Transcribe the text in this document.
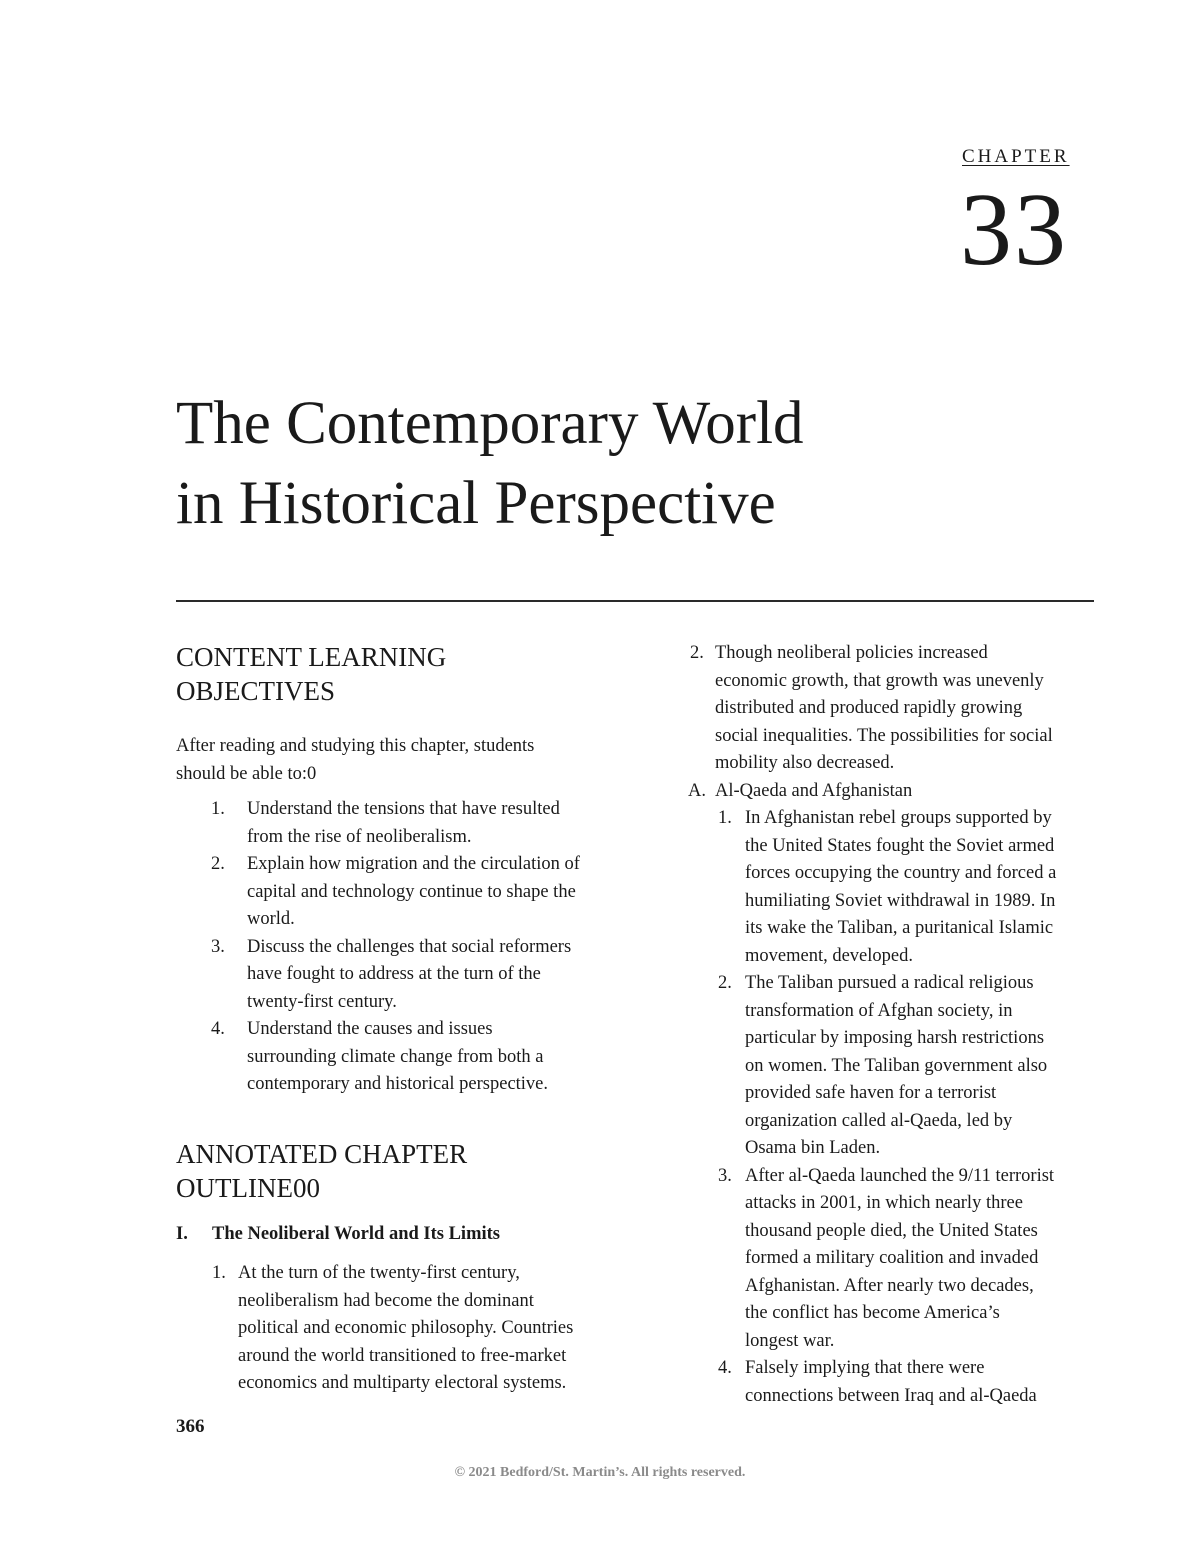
CHAPTER
33
The Contemporary World
in Historical Perspective
CONTENT LEARNING
OBJECTIVES

After reading and studying this chapter, students
should be able to:0

1. Understand the tensions that have resulted
from the rise of neoliberalism.
2. Explain how migration and the circulation of
capital and technology continue to shape the
world.
3. Discuss the challenges that social reformers
have fought to address at the turn of the
twenty-first century.
4. Understand the causes and issues
surrounding climate change from both a
contemporary and historical perspective.
ANNOTATED CHAPTER
OUTLINE00
I. The Neoliberal World and Its Limits
1. At the turn of the twenty-first century,
neoliberalism had become the dominant
political and economic philosophy. Countries
around the world transitioned to free-market
economics and multiparty electoral systems.
2. Though neoliberal policies increased
economic growth, that growth was unevenly
distributed and produced rapidly growing
social inequalities. The possibilities for social
mobility also decreased.
A. Al-Qaeda and Afghanistan
1. In Afghanistan rebel groups supported by
the United States fought the Soviet armed
forces occupying the country and forced a
humiliating Soviet withdrawal in 1989. In
its wake the Taliban, a puritanical Islamic
movement, developed.
2. The Taliban pursued a radical religious
transformation of Afghan society, in
particular by imposing harsh restrictions
on women. The Taliban government also
provided safe haven for a terrorist
organization called al-Qaeda, led by
Osama bin Laden.
3. After al-Qaeda launched the 9/11 terrorist
attacks in 2001, in which nearly three
thousand people died, the United States
formed a military coalition and invaded
Afghanistan. After nearly two decades,
the conflict has become America’s
longest war.
4. Falsely implying that there were
connections between Iraq and al-Qaeda
366
© 2021 Bedford/St. Martin’s. All rights reserved.
